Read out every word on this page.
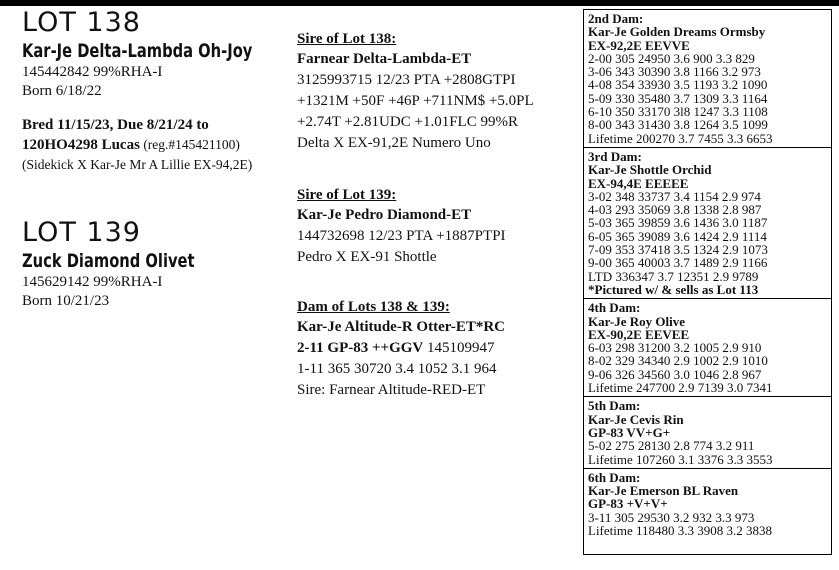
LOT 138
Kar-Je Delta-Lambda Oh-Joy
145442842 99%RHA-I
Born 6/18/22
Bred 11/15/23, Due 8/21/24 to
120HO4298 Lucas (reg.#145421100)
(Sidekick X Kar-Je Mr A Lillie EX-94,2E)
LOT 139
Zuck Diamond Olivet
145629142 99%RHA-I
Born 10/21/23
Sire of Lot 138:
Farnear Delta-Lambda-ET
3125993715 12/23 PTA +2808GTPI
+1321M +50F +46P +711NM$ +5.0PL
+2.74T +2.81UDC +1.01FLC 99%R
Delta X EX-91,2E Numero Uno
Sire of Lot 139:
Kar-Je Pedro Diamond-ET
144732698 12/23 PTA +1887PTPI
Pedro X EX-91 Shottle
Dam of Lots 138 & 139:
Kar-Je Altitude-R Otter-ET*RC
2-11 GP-83 ++GGV 145109947
1-11 365 30720 3.4 1052 3.1 964
Sire: Farnear Altitude-RED-ET
2nd Dam:
Kar-Je Golden Dreams Ormsby
EX-92,2E EEVVE
2-00 305 24950 3.6 900 3.3 829
3-06 343 30390 3.8 1166 3.2 973
4-08 354 33930 3.5 1193 3.2 1090
5-09 330 35480 3.7 1309 3.3 1164
6-10 350 33170 3l8 1247 3.3 1108
8-00 343 31430 3.8 1264 3.5 1099
Lifetime 200270 3.7 7455 3.3 6653
3rd Dam:
Kar-Je Shottle Orchid
EX-94,4E EEEEE
3-02 348 33737 3.4 1154 2.9 974
4-03 293 35069 3.8 1338 2.8 987
5-03 365 39859 3.6 1436 3.0 1187
6-05 365 39089 3.6 1424 2.9 1114
7-09 353 37418 3.5 1324 2.9 1073
9-00 365 40003 3.7 1489 2.9 1166
LTD 336347 3.7 12351 2.9 9789
*Pictured w/ & sells as Lot 113
4th Dam:
Kar-Je Roy Olive
EX-90,2E EEVEE
6-03 298 31200 3.2 1005 2.9 910
8-02 329 34340 2.9 1002 2.9 1010
9-06 326 34560 3.0 1046 2.8 967
Lifetime 247700 2.9 7139 3.0 7341
5th Dam:
Kar-Je Cevis Rin
GP-83 VV+G+
5-02 275 28130 2.8 774 3.2 911
Lifetime 107260 3.1 3376 3.3 3553
6th Dam:
Kar-Je Emerson BL Raven
GP-83 +V+V+
3-11 305 29530 3.2 932 3.3 973
Lifetime 118480 3.3 3908 3.2 3838
